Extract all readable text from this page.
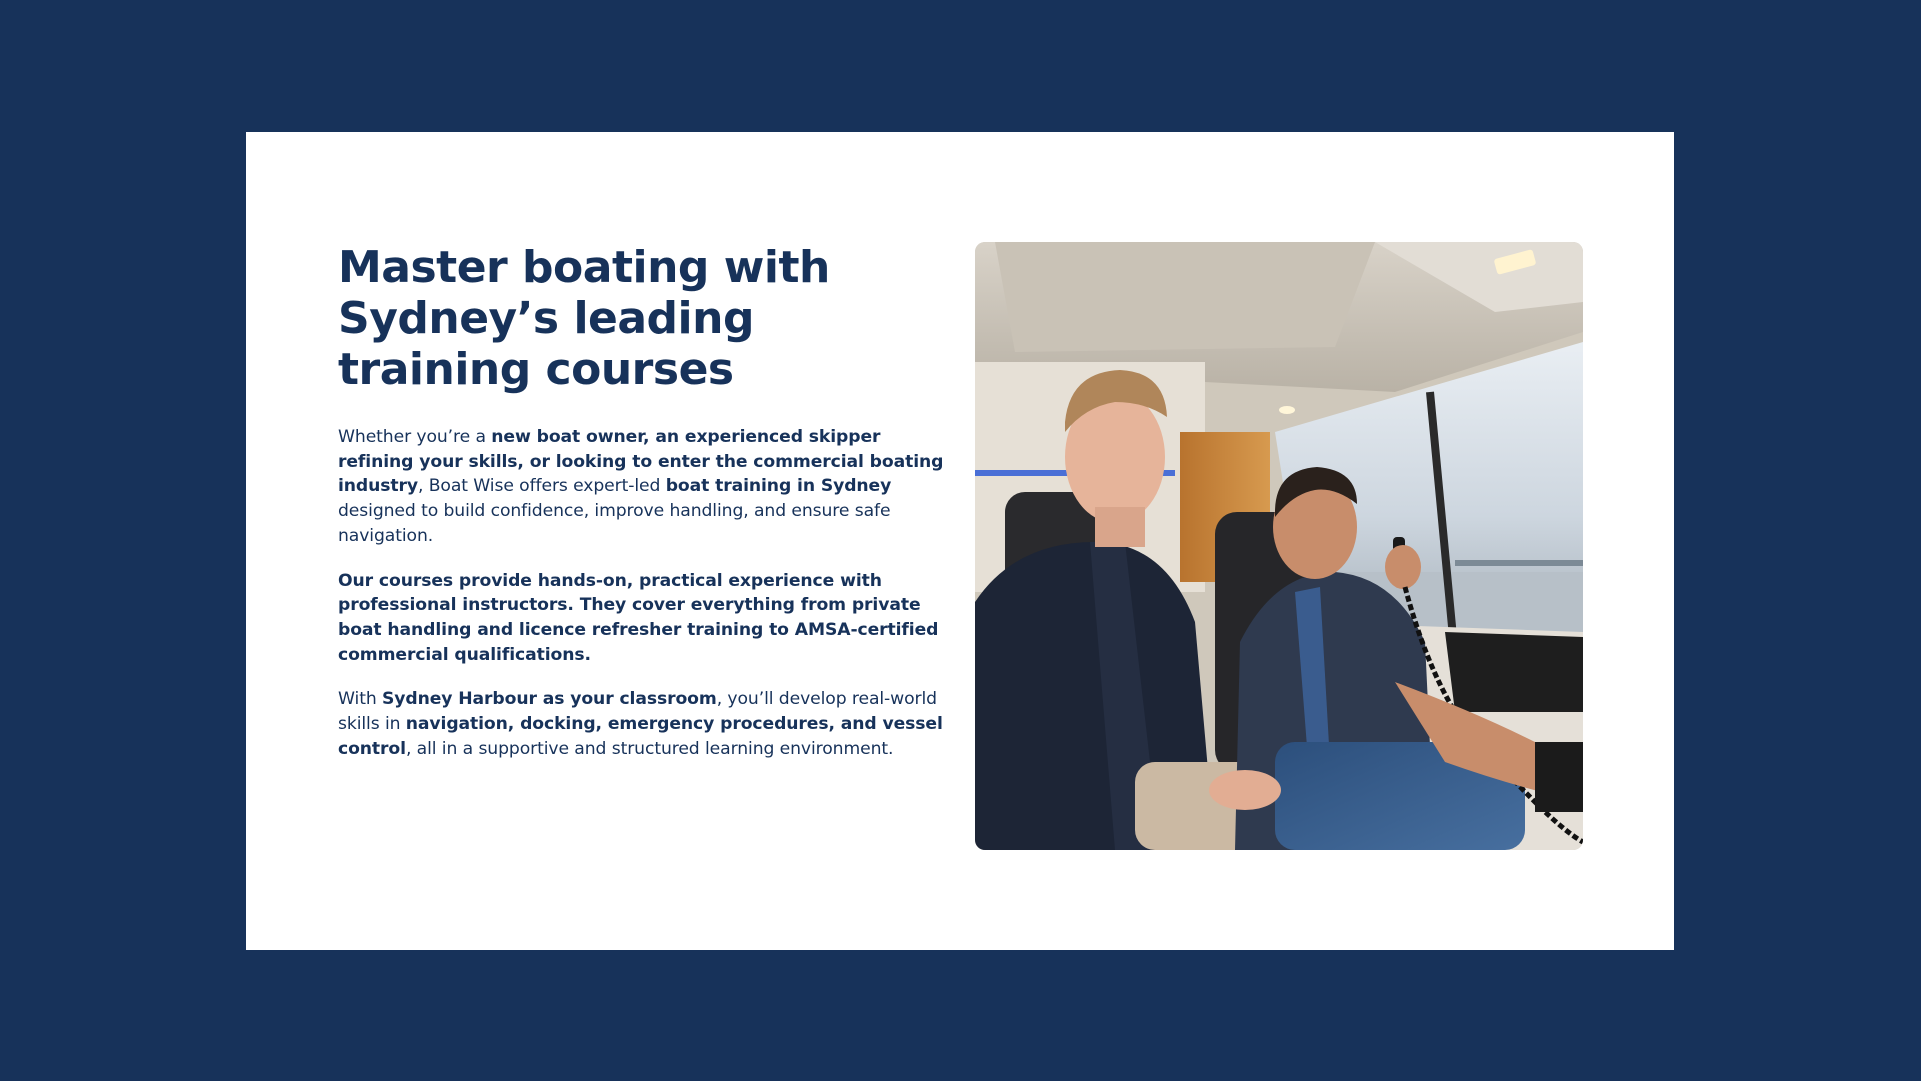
Master boating with Sydney’s leading training courses

Whether you’re a new boat owner, an experienced skipper refining your skills, or looking to enter the commercial boating industry, Boat Wise offers expert-led boat training in Sydney designed to build confidence, improve handling, and ensure safe navigation.

Our courses provide hands-on, practical experience with professional instructors. They cover everything from private boat handling and licence refresher training to AMSA-certified commercial qualifications.

With Sydney Harbour as your classroom, you’ll develop real-world skills in navigation, docking, emergency procedures, and vessel control, all in a supportive and structured learning environment.
